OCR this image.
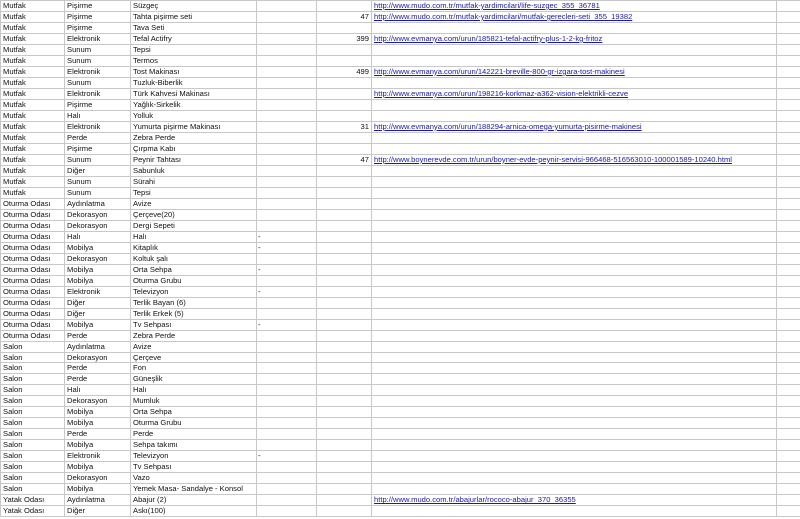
Mutfak	Pişirme	Süzgeç			http://www.mudo.com.tr/mutfak-yardimcilari/life-suzgec_355_36781	
Mutfak	Pişirme	Tahta pişirme seti		47	http://www.mudo.com.tr/mutfak-yardimcilari/mutfak-gerecleri-seti_355_19382	
Mutfak	Pişirme	Tava Seti				
Mutfak	Elektronik	Tefal Actifry		399	http://www.evmanya.com/urun/185821-tefal-actifry-plus-1-2-kg-fritoz	
Mutfak	Sunum	Tepsi				
Mutfak	Sunum	Termos				
Mutfak	Elektronik	Tost Makinası		499	http://www.evmanya.com/urun/142221-breville-800-gr-izgara-tost-makinesi	
Mutfak	Sunum	Tuzluk-Biberlik				
Mutfak	Elektronik	Türk Kahvesi Makinası			http://www.evmanya.com/urun/198216-korkmaz-a362-vision-elektrikli-cezve	
Mutfak	Pişirme	Yağlık-Sirkelik				
Mutfak	Halı	Yolluk				
Mutfak	Elektronik	Yumurta pişirme Makinası		31	http://www.evmanya.com/urun/188294-arnica-omega-yumurta-pisirme-makinesi	
Mutfak	Perde	Zebra Perde				
Mutfak	Pişirme	Çırpma Kabı				
Mutfak	Sunum	Peynir Tahtası		47	http://www.boynerevde.com.tr/urun/boyner-evde-peynir-servisi-966468-516563010-100001589-10240.html	
Mutfak	Diğer	Sabunluk				
Mutfak	Sunum	Sürahi				
Mutfak	Sunum	Tepsi				
Oturma Odası	Aydınlatma	Avize				
Oturma Odası	Dekorasyon	Çerçeve(20)				
Oturma Odası	Dekorasyon	Dergi Sepeti				
Oturma Odası	Halı	Halı	-			
Oturma Odası	Mobilya	Kitaplık	-			
Oturma Odası	Dekorasyon	Koltuk şalı				
Oturma Odası	Mobilya	Orta Sehpa	-			
Oturma Odası	Mobilya	Oturma Grubu				
Oturma Odası	Elektronik	Televizyon	-			
Oturma Odası	Diğer	Terlik Bayan (6)				
Oturma Odası	Diğer	Terlik Erkek (5)				
Oturma Odası	Mobilya	Tv Sehpası	-			
Oturma Odası	Perde	Zebra Perde				
Salon	Aydınlatma	Avize				
Salon	Dekorasyon	Çerçeve				
Salon	Perde	Fon				
Salon	Perde	Güneşlik				
Salon	Halı	Halı				
Salon	Dekorasyon	Mumluk				
Salon	Mobilya	Orta Sehpa				
Salon	Mobilya	Oturma Grubu				
Salon	Perde	Perde				
Salon	Mobilya	Sehpa takımı				
Salon	Elektronik	Televizyon	-			
Salon	Mobilya	Tv Sehpası				
Salon	Dekorasyon	Vazo				
Salon	Mobilya	Yemek Masa- Sandalye - Konsol				
Yatak Odası	Aydınlatma	Abajur (2)			http://www.mudo.com.tr/abajurlar/rococo-abajur_370_36355	
Yatak Odası	Diğer	Askı(100)				
